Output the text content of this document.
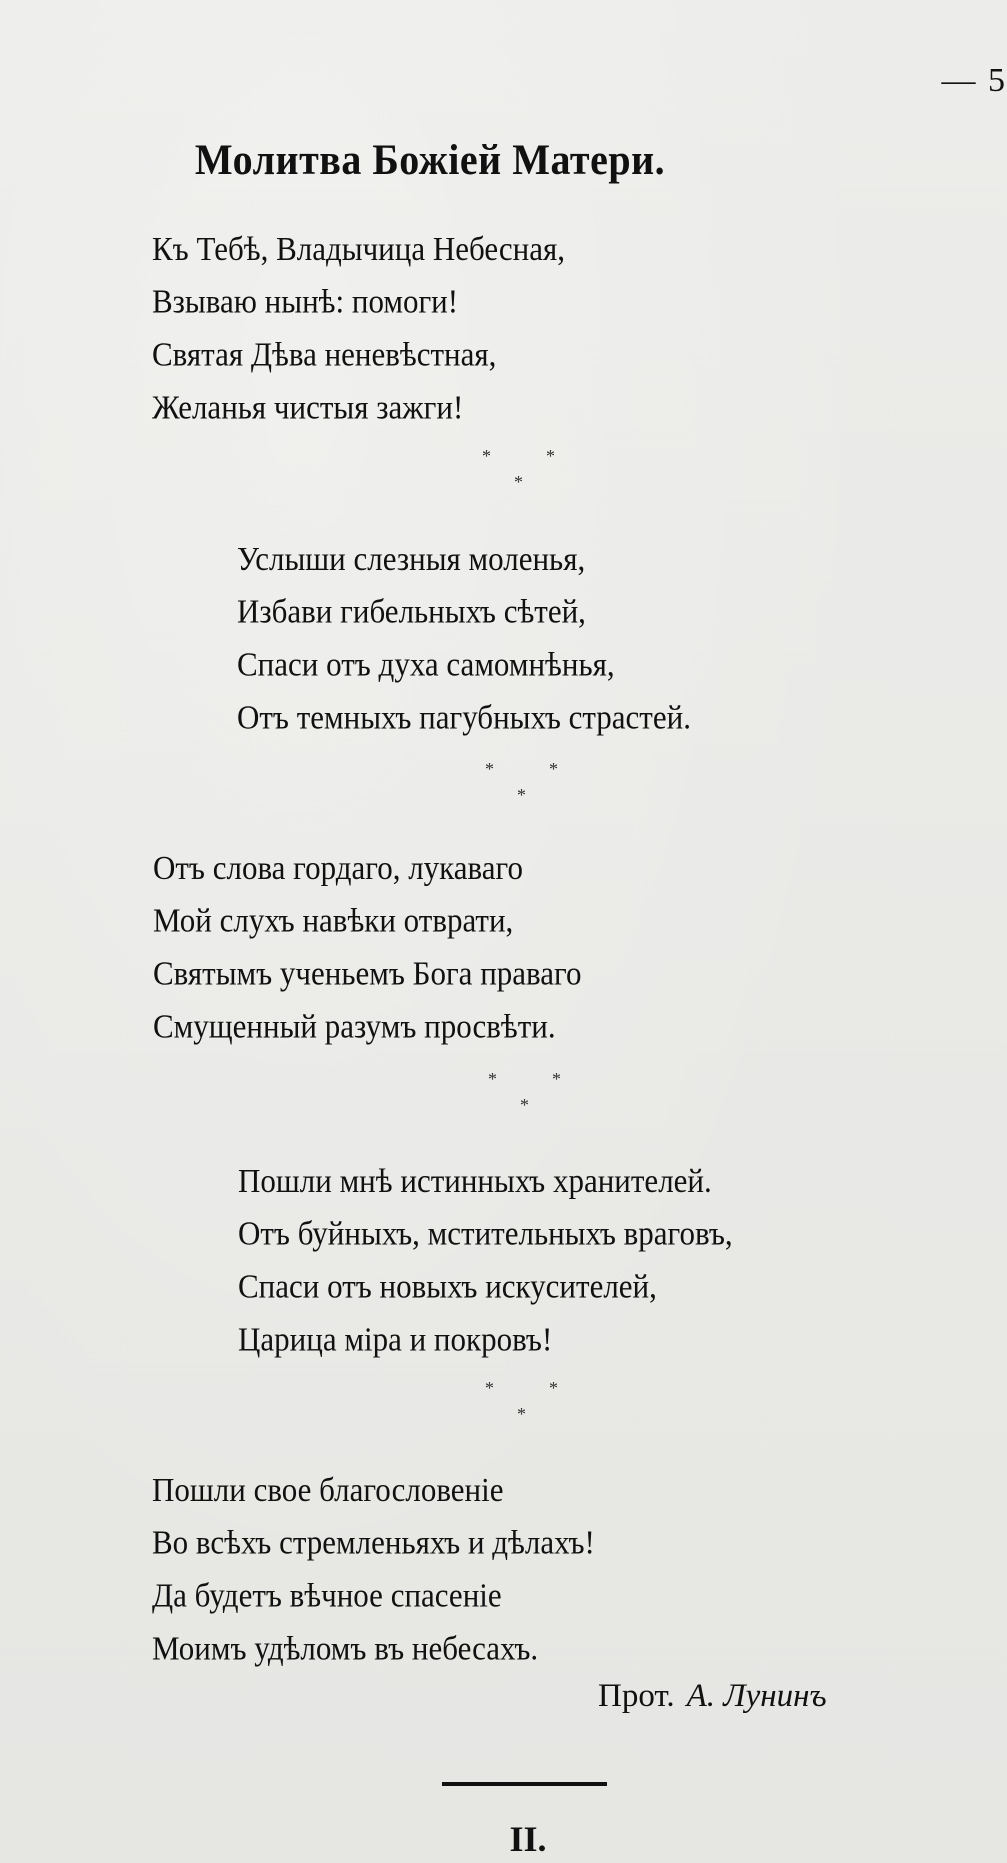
— 5
Молитва Божіей Матери.
Къ Тебѣ, Владычица Небесная,
Взываю нынѣ: помоги!
Святая Дѣва неневѣстная,
Желанья чистыя зажги!
*	*
*
Услыши слезныя моленья,
Избави гибельныхъ сѣтей,
Спаси отъ духа самомнѣнья,
Отъ темныхъ пагубныхъ страстей.
*	*
*
Отъ слова гордаго, лукаваго
Мой слухъ навѣки отврати,
Святымъ ученьемъ Бога праваго
Смущенный разумъ просвѣти.
*	*
*
Пошли мнѣ истинныхъ хранителей.
Отъ буйныхъ, мстительныхъ враговъ,
Спаси отъ новыхъ искусителей,
Царица міра и покровъ!
*	*
*
Пошли свое благословеніе
Во всѣхъ стремленьяхъ и дѣлахъ!
Да будетъ вѣчное спасеніе
Моимъ удѣломъ въ небесахъ.
Прот. А. Лунинъ
II.
